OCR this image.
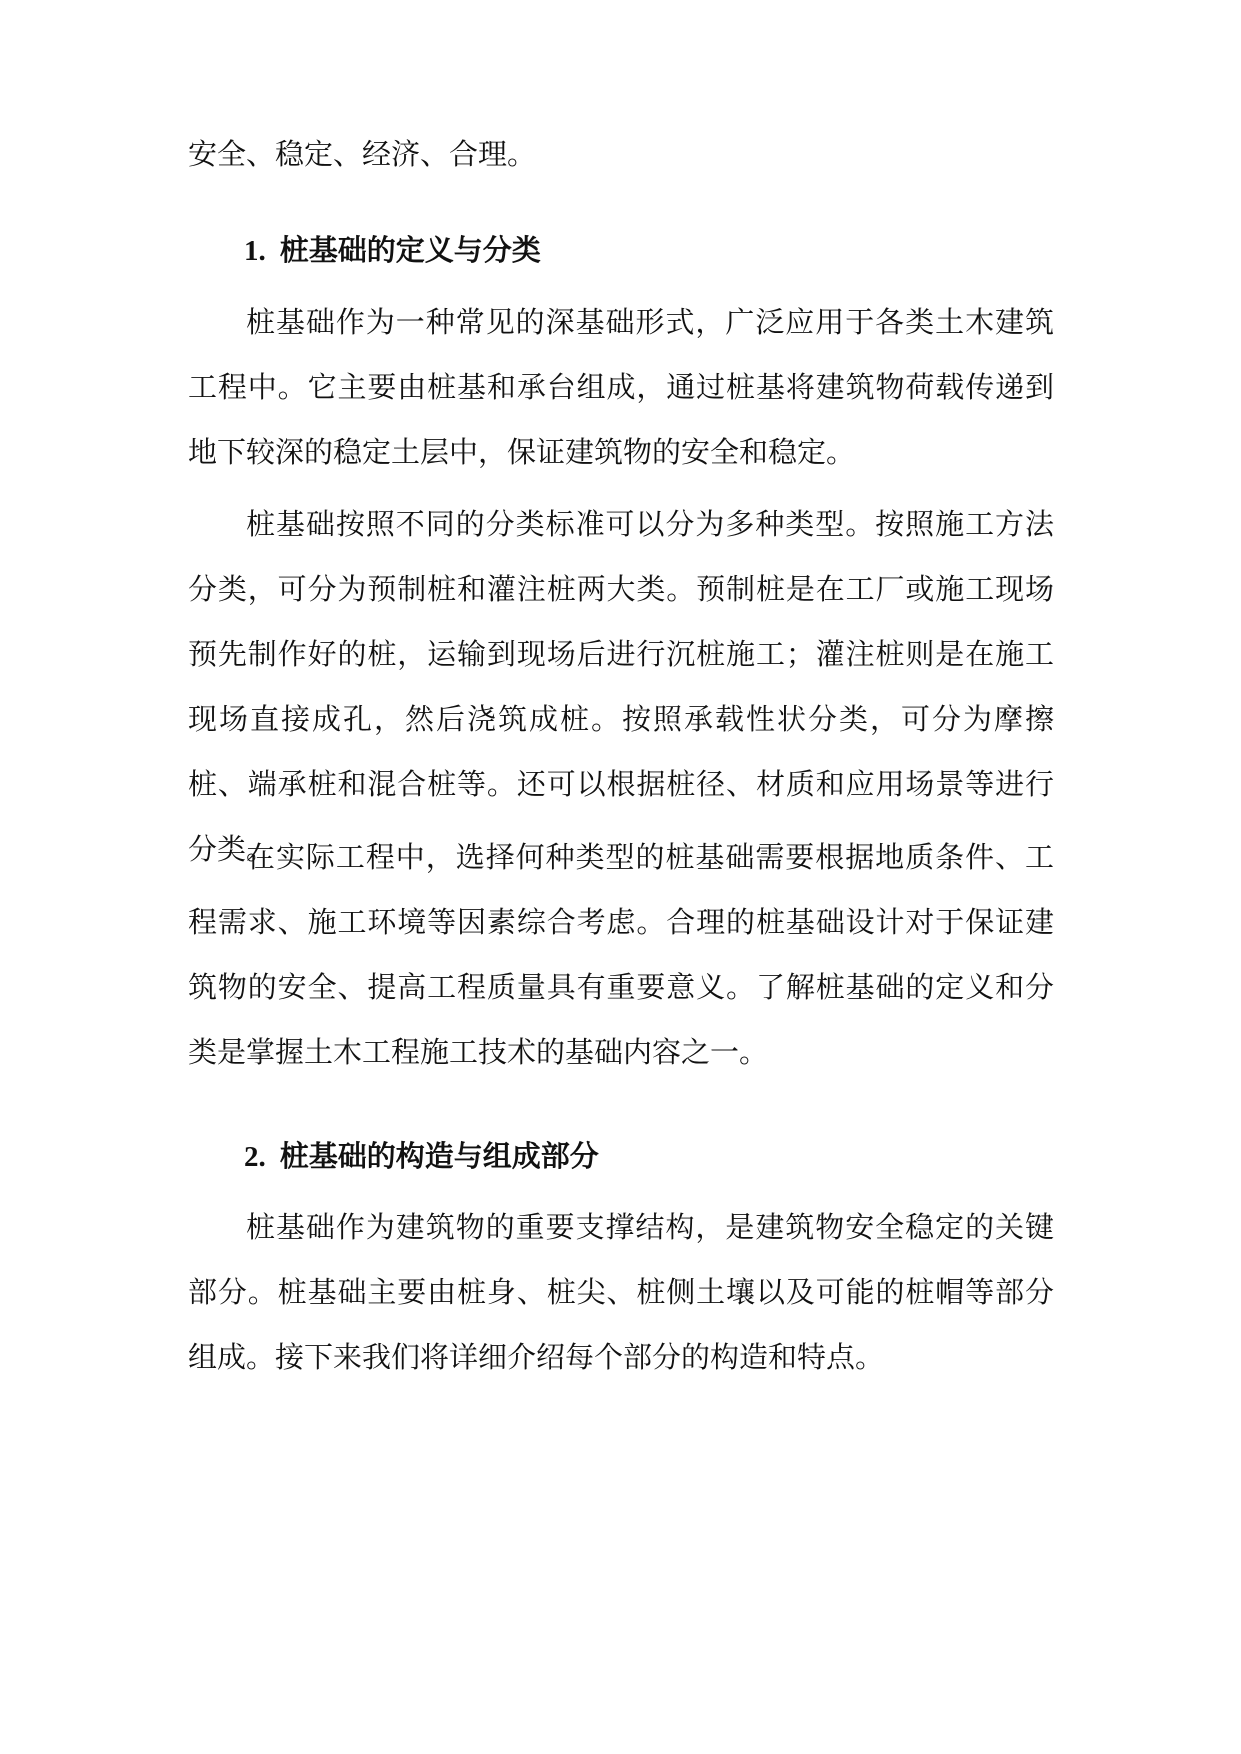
安全、稳定、经济、合理。

1. 桩基础的定义与分类

桩基础作为一种常见的深基础形式，广泛应用于各类土木建筑工程中。它主要由桩基和承台组成，通过桩基将建筑物荷载传递到地下较深的稳定土层中，保证建筑物的安全和稳定。

桩基础按照不同的分类标准可以分为多种类型。按照施工方法分类，可分为预制桩和灌注桩两大类。预制桩是在工厂或施工现场预先制作好的桩，运输到现场后进行沉桩施工；灌注桩则是在施工现场直接成孔，然后浇筑成桩。按照承载性状分类，可分为摩擦桩、端承桩和混合桩等。还可以根据桩径、材质和应用场景等进行分类。

在实际工程中，选择何种类型的桩基础需要根据地质条件、工程需求、施工环境等因素综合考虑。合理的桩基础设计对于保证建筑物的安全、提高工程质量具有重要意义。了解桩基础的定义和分类是掌握土木工程施工技术的基础内容之一。

2. 桩基础的构造与组成部分

桩基础作为建筑物的重要支撑结构，是建筑物安全稳定的关键部分。桩基础主要由桩身、桩尖、桩侧土壤以及可能的桩帽等部分组成。接下来我们将详细介绍每个部分的构造和特点。
